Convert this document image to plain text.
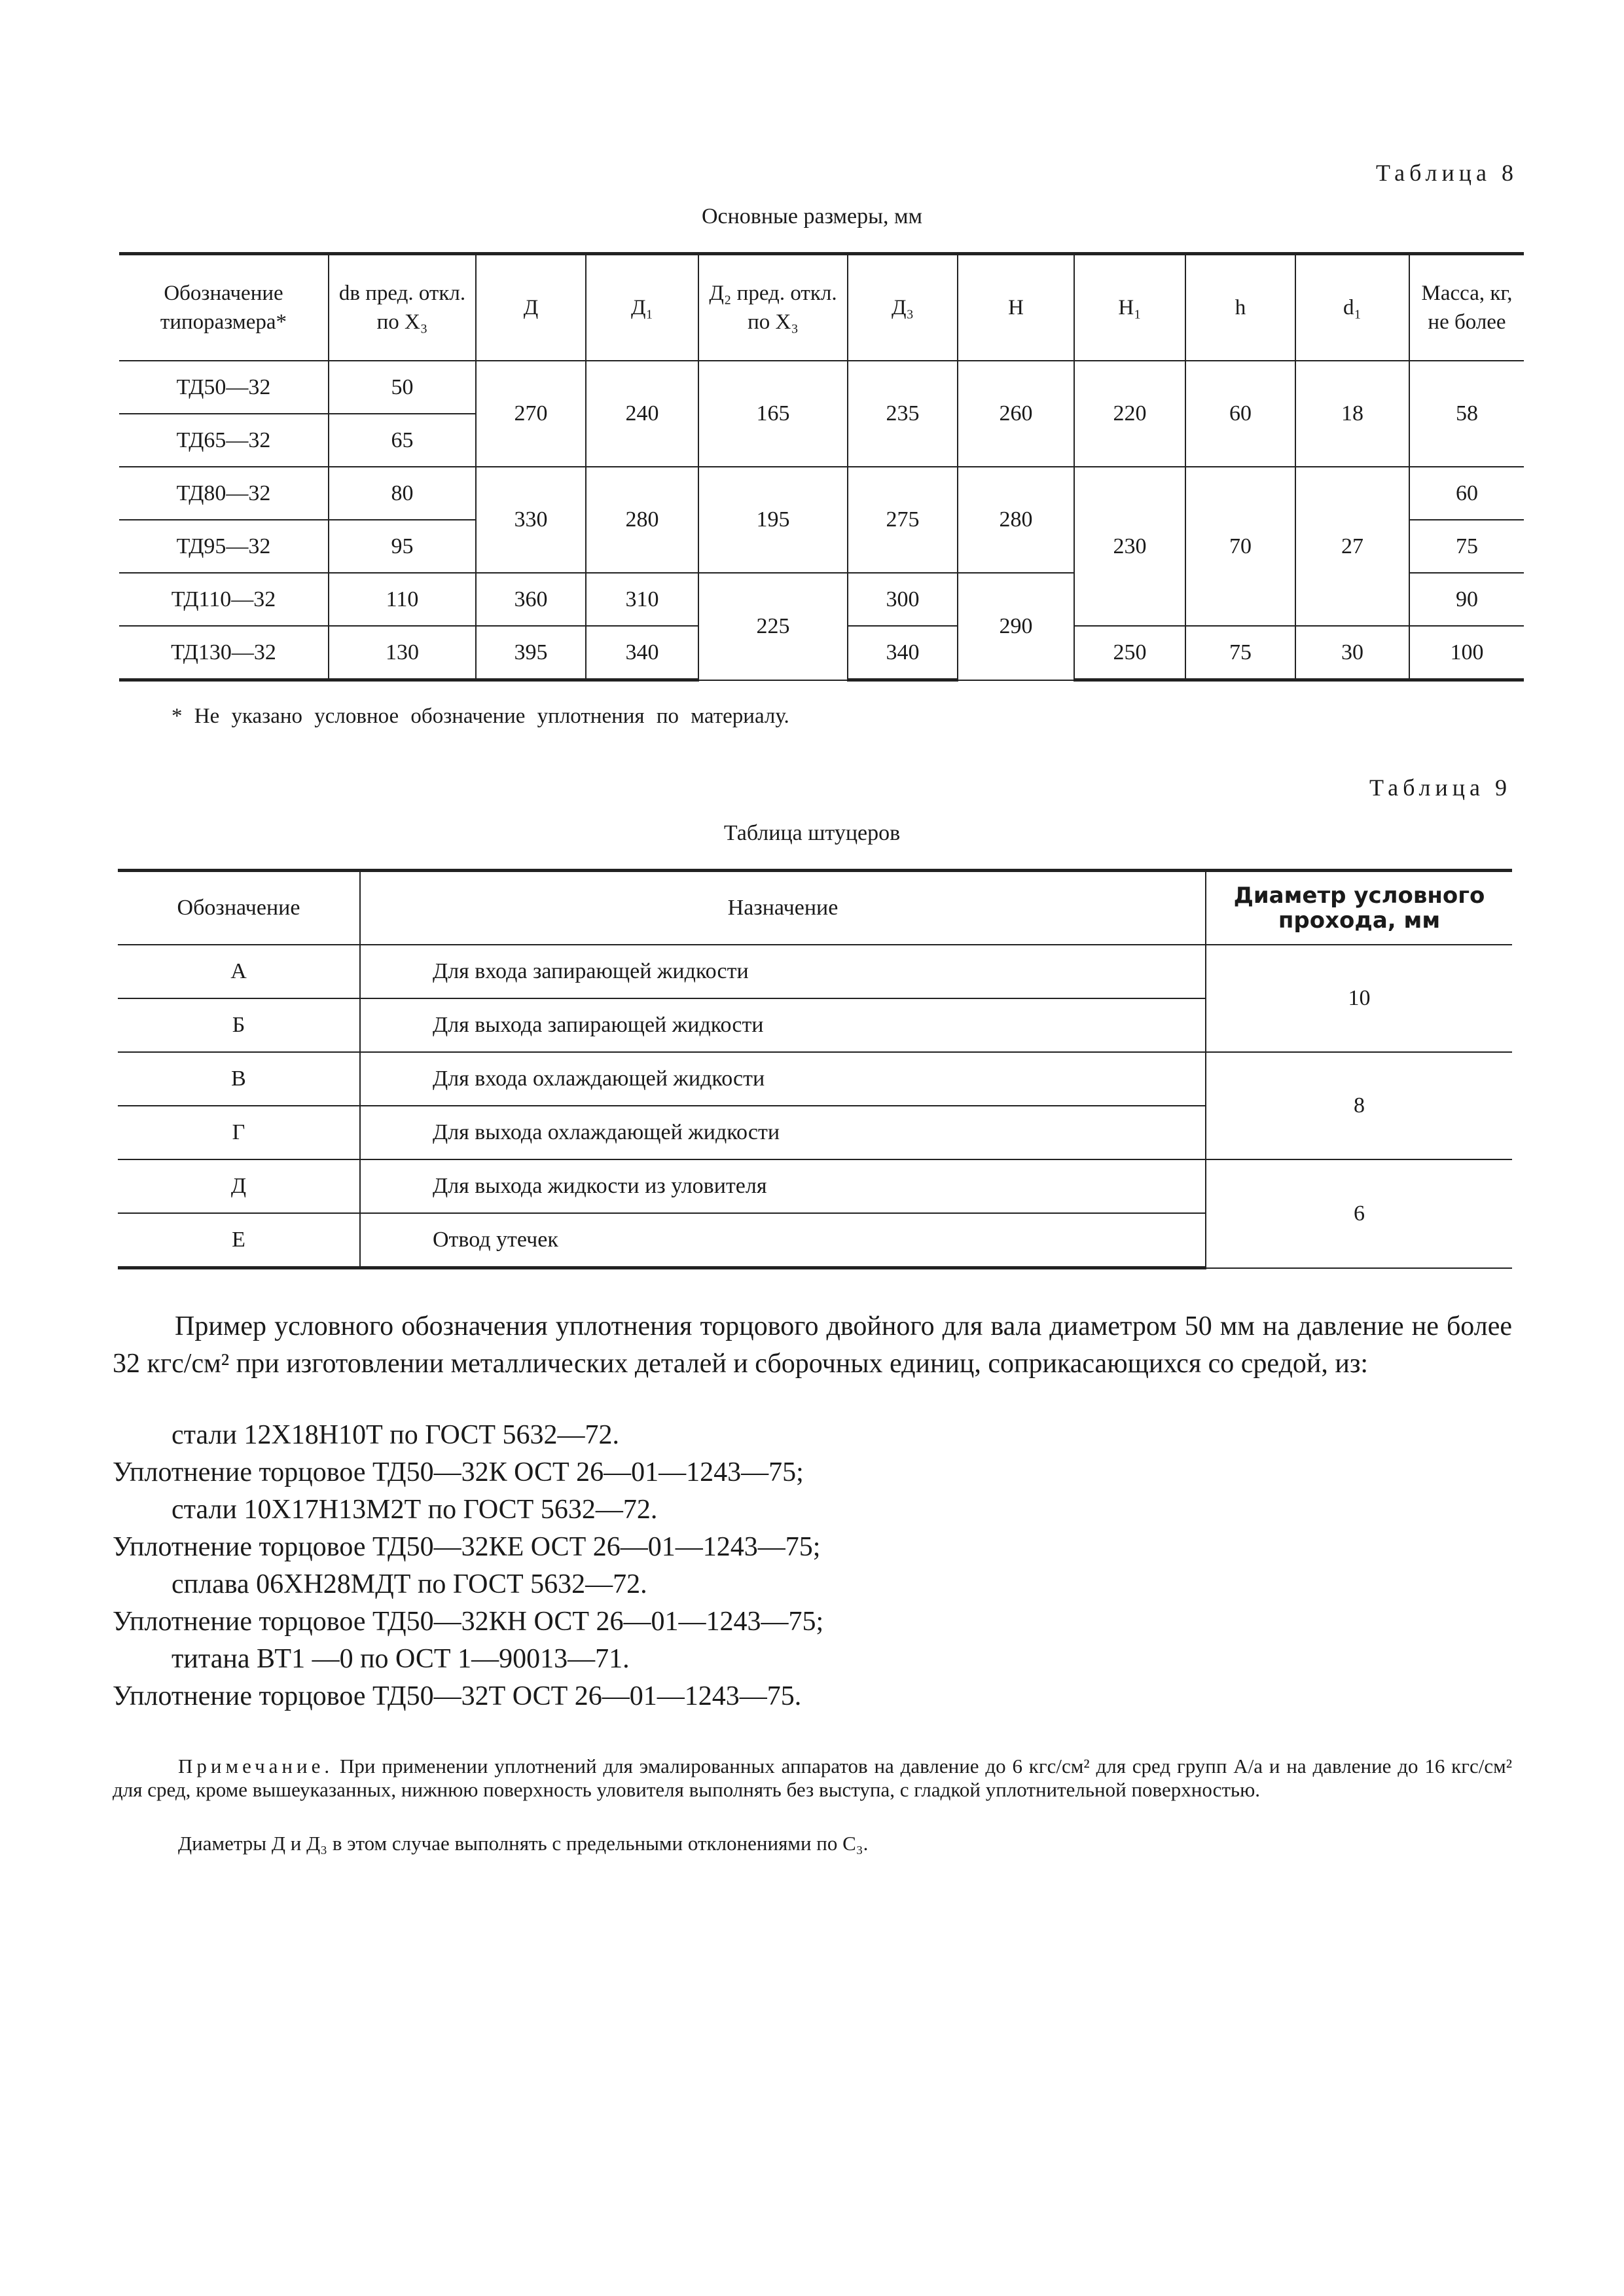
Таблица 8
Основные размеры, мм
Обозначение типоразмера*	dв пред. откл. по X₃	Д	Д₁	Д₂ пред. откл. по X₃	Д₃	Н	Н₁	h	d₁	Масса, кг, не более
ТД50—32	50	270	240	165	235	260	220	60	18	58
ТД65—32	65									
ТД80—32	80	330	280	195	275	280	230	70	27	60
ТД95—32	95									75
ТД110—32	110	360	310	225	300	290				90
ТД130—32	130	395	340		340		250	75	30	100
* Не указано условное обозначение уплотнения по материалу.
Таблица 9
Таблица штуцеров
Обозначение	Назначение	Диаметр условного прохода, мм
А	Для входа запирающей жидкости	10
Б	Для выхода запирающей жидкости	
В	Для входа охлаждающей жидкости	8
Г	Для выхода охлаждающей жидкости	
Д	Для выхода жидкости из уловителя	6
Е	Отвод утечек	
Пример условного обозначения уплотнения торцового двойного для вала диаметром 50 мм на давление не более 32 кгс/см² при изготовлении металлических деталей и сборочных единиц, соприкасающихся со средой, из:
стали 12Х18Н10Т по ГОСТ 5632—72.
Уплотнение торцовое ТД50—32К ОСТ 26—01—1243—75;
стали 10Х17Н13М2Т по ГОСТ 5632—72.
Уплотнение торцовое ТД50—32КЕ ОСТ 26—01—1243—75;
сплава 06ХН28МДТ по ГОСТ 5632—72.
Уплотнение торцовое ТД50—32КН ОСТ 26—01—1243—75;
титана ВТ1 —0 по ОСТ 1—90013—71.
Уплотнение торцовое ТД50—32Т ОСТ 26—01—1243—75.
Примечание. При применении уплотнений для эмалированных аппаратов на давление до 6 кгс/см² для сред групп А/а и на давление до 16 кгс/см² для сред, кроме вышеуказанных, нижнюю поверхность уловителя выполнять без выступа, с гладкой уплотнительной поверхностью.
Диаметры Д и Д₃ в этом случае выполнять с предельными отклонениями по С₃.
